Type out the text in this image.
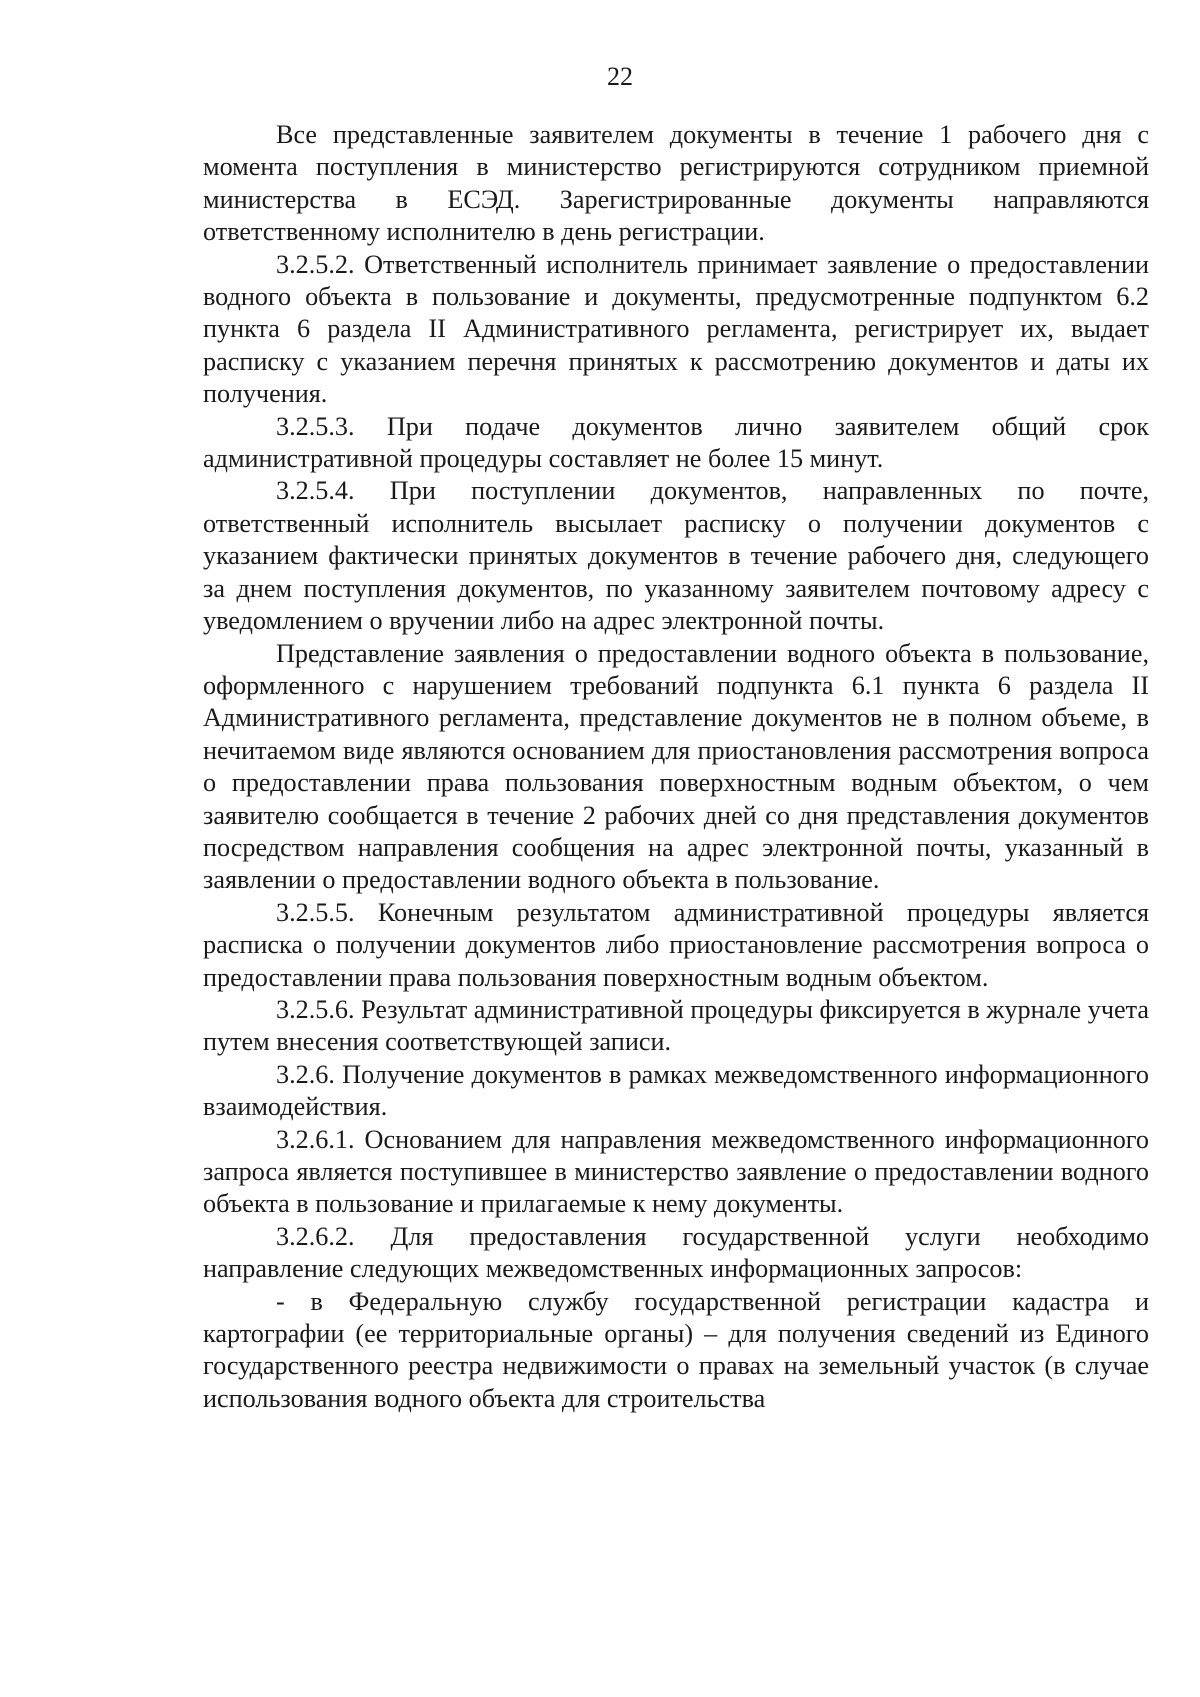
22

Все представленные заявителем документы в течение 1 рабочего дня с момента поступления в министерство регистрируются сотрудником приемной министерства в ЕСЭД. Зарегистрированные документы направляются ответственному исполнителю в день регистрации.

3.2.5.2. Ответственный исполнитель принимает заявление о предоставлении водного объекта в пользование и документы, предусмотренные подпунктом 6.2 пункта 6 раздела II Административного регламента, регистрирует их, выдает расписку с указанием перечня принятых к рассмотрению документов и даты их получения.

3.2.5.3. При подаче документов лично заявителем общий срок административной процедуры составляет не более 15 минут.

3.2.5.4. При поступлении документов, направленных по почте, ответственный исполнитель высылает расписку о получении документов с указанием фактически принятых документов в течение рабочего дня, следующего за днем поступления документов, по указанному заявителем почтовому адресу с уведомлением о вручении либо на адрес электронной почты.

Представление заявления о предоставлении водного объекта в пользование, оформленного с нарушением требований подпункта 6.1 пункта 6 раздела II Административного регламента, представление документов не в полном объеме, в нечитаемом виде являются основанием для приостановления рассмотрения вопроса о предоставлении права пользования поверхностным водным объектом, о чем заявителю сообщается в течение 2 рабочих дней со дня представления документов посредством направления сообщения на адрес электронной почты, указанный в заявлении о предоставлении водного объекта в пользование.

3.2.5.5. Конечным результатом административной процедуры является расписка о получении документов либо приостановление рассмотрения вопроса о предоставлении права пользования поверхностным водным объектом.

3.2.5.6. Результат административной процедуры фиксируется в журнале учета путем внесения соответствующей записи.

3.2.6. Получение документов в рамках межведомственного информационного взаимодействия.

3.2.6.1. Основанием для направления межведомственного информационного запроса является поступившее в министерство заявление о предоставлении водного объекта в пользование и прилагаемые к нему документы.

3.2.6.2. Для предоставления государственной услуги необходимо направление следующих межведомственных информационных запросов:

- в Федеральную службу государственной регистрации кадастра и картографии (ее территориальные органы) – для получения сведений из Единого государственного реестра недвижимости о правах на земельный участок (в случае использования водного объекта для строительства
